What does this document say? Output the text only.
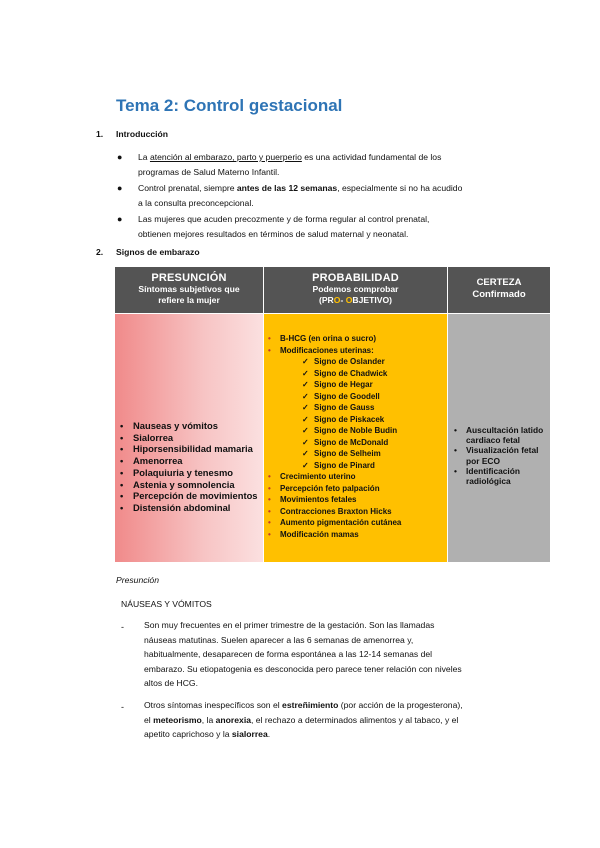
Tema 2: Control gestacional
1. Introducción
● La atención al embarazo, parto y puerperio es una actividad fundamental de los
programas de Salud Materno Infantil.
● Control prenatal, siempre antes de las 12 semanas, especialmente si no ha acudido
a la consulta preconcepcional.
● Las mujeres que acuden precozmente y de forma regular al control prenatal,
obtienen mejores resultados en términos de salud maternal y neonatal.
2. Signos de embarazo
PRESUNCIÓN
Síntomas subjetivos que
refiere la mujer
PROBABILIDAD
Podemos comprobar
(PRO- OBJETIVO)
CERTEZA
Confirmado
• Nauseas y vómitos
• Sialorrea
• Hiporsensibilidad mamaria
• Amenorrea
• Polaquiuria y tenesmo
• Astenia y somnolencia
• Percepción de movimientos
• Distensión abdominal
• B-HCG (en orina o sucro)
• Modificaciones uterinas:
✓ Signo de Oslander
✓ Signo de Chadwick
✓ Signo de Hegar
✓ Signo de Goodell
✓ Signo de Gauss
✓ Signo de Piskacek
✓ Signo de Noble Budin
✓ Signo de McDonald
✓ Signo de Selheim
✓ Signo de Pinard
• Crecimiento uterino
• Percepción feto palpación
• Movimientos fetales
• Contracciones Braxton Hicks
• Aumento pigmentación cutánea
• Modificación mamas
• Auscultación latido cardiaco fetal
• Visualización fetal por ECO
• Identificación radiológica
Presunción
NÁUSEAS Y VÓMITOS
- Son muy frecuentes en el primer trimestre de la gestación. Son las llamadas
náuseas matutinas. Suelen aparecer a las 6 semanas de amenorrea y,
habitualmente, desaparecen de forma espontánea a las 12-14 semanas del
embarazo. Su etiopatogenia es desconocida pero parece tener relación con niveles
altos de HCG.
- Otros síntomas inespecíficos son el estreñimiento (por acción de la progesterona),
el meteorismo, la anorexia, el rechazo a determinados alimentos y al tabaco, y el
apetito caprichoso y la sialorrea.
